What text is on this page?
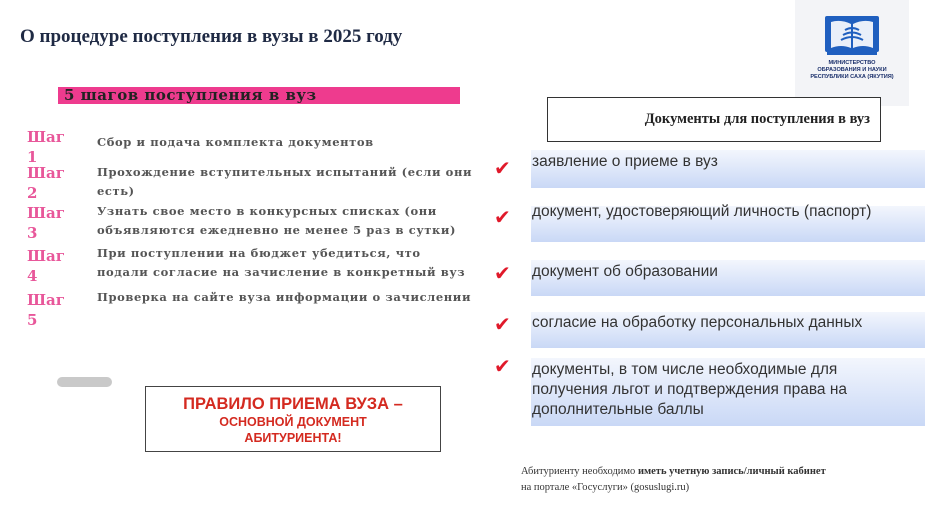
О процедуре поступления в вузы в 2025 году
МИНИСТЕРСТВО
ОБРАЗОВАНИЯ И НАУКИ
РЕСПУБЛИКИ САХА (ЯКУТИЯ)
5 шагов поступления в вуз
Шаг 1
Сбор и подача комплекта документов
Шаг 2
Прохождение вступительных испытаний (если они есть)
Шаг 3
Узнать свое место в конкурсных списках (они объявляются ежедневно не менее 5 раз в сутки)
Шаг 4
При поступлении на бюджет убедиться, что подали согласие на зачисление в конкретный вуз
Шаг 5
Проверка на сайте вуза информации о зачислении
ПРАВИЛО ПРИЕМА ВУЗА –
ОСНОВНОЙ ДОКУМЕНТ
АБИТУРИЕНТА!
Документы для поступления в вуз
✔ заявление о приеме в вуз
✔ документ, удостоверяющий личность (паспорт)
✔ документ об образовании
✔ согласие на обработку персональных данных
✔ документы, в том числе необходимые для получения льгот и подтверждения права на дополнительные баллы
Абитуриенту необходимо иметь учетную запись/личный кабинет
на портале «Госуслуги» (gosuslugi.ru)
